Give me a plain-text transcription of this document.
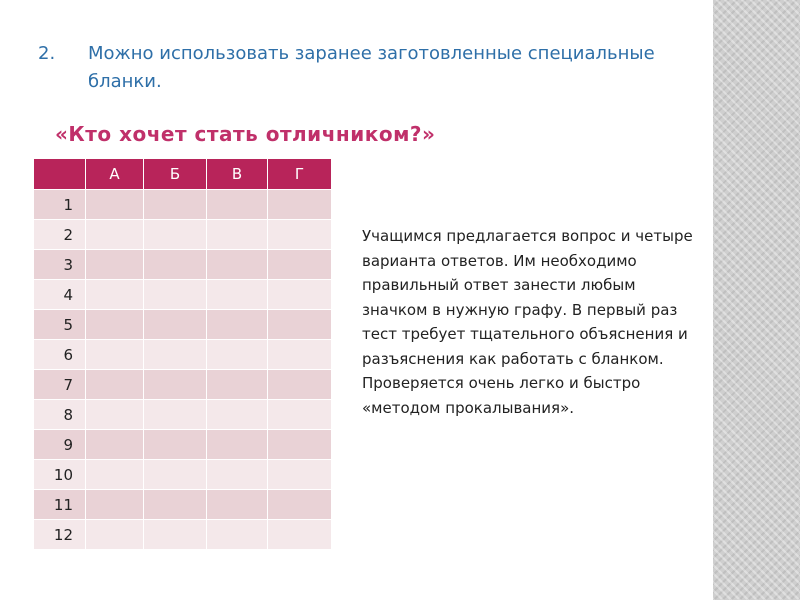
2. Можно использовать заранее заготовленные специальные бланки.
«Кто хочет стать отличником?»
	А	Б	В	Г
1				
2				
3				
4				
5				
6				
7				
8				
9				
10				
11				
12				
Учащимся предлагается вопрос и четыре варианта ответов. Им необходимо правильный ответ занести любым значком в нужную графу. В первый раз тест требует тщательного объяснения и разъяснения как работать с бланком. Проверяется очень легко и быстро «методом прокалывания».
